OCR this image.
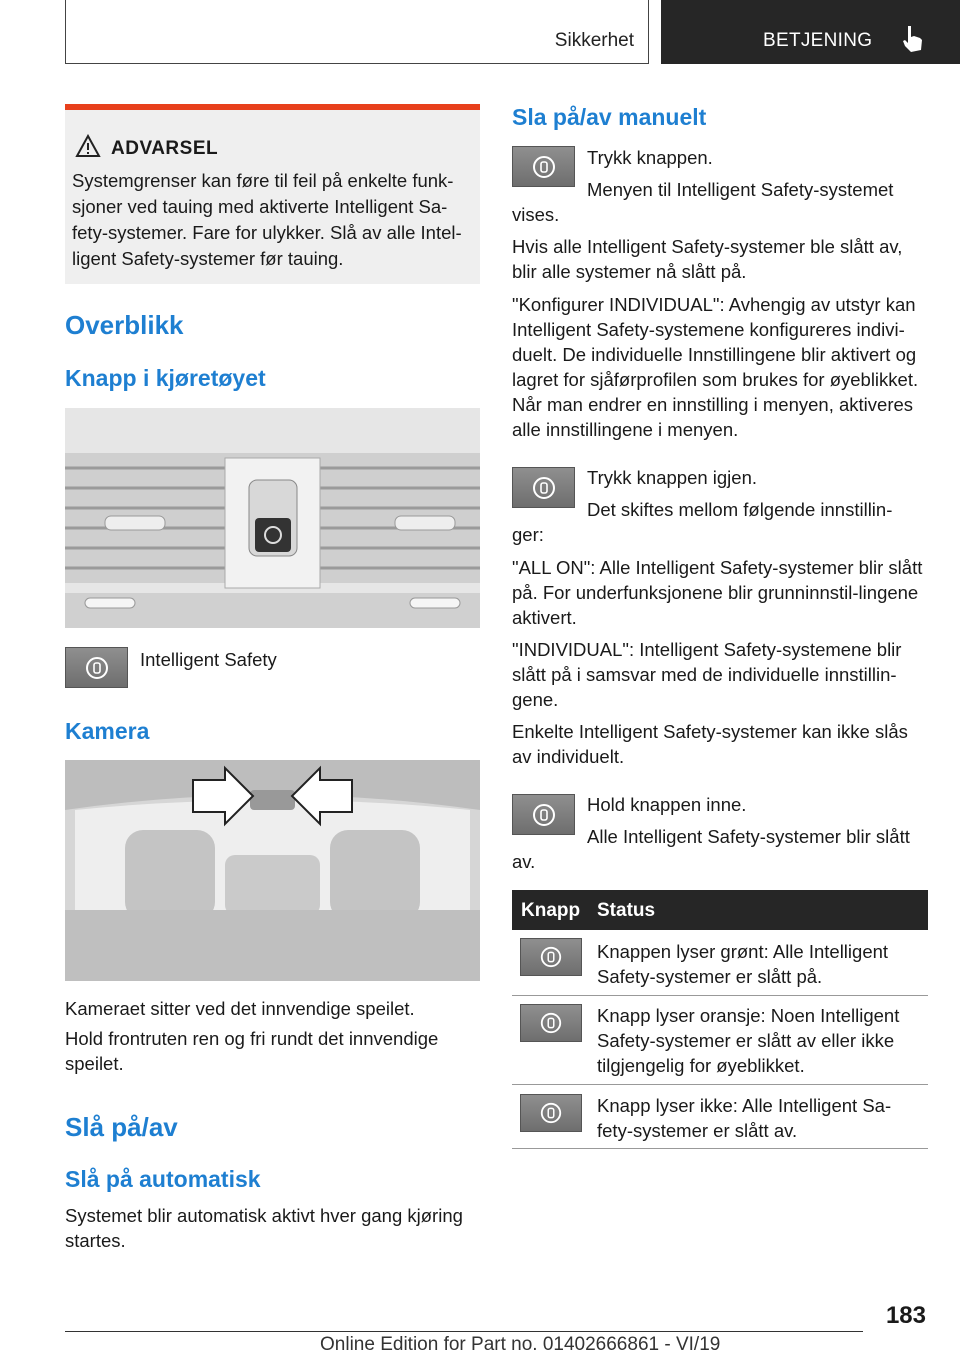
Sikkerhet	BETJENING
ADVARSEL

Systemgrenser kan føre til feil på enkelte funk-sjoner ved tauing med aktiverte Intelligent Sa-fety-systemer. Fare for ulykker. Slå av alle Intel-ligent Safety-systemer før tauing.

Overblikk
Knapp i kjøretøyet
Intelligent Safety
Kamera

Kameraet sitter ved det innvendige speilet.

Hold frontruten ren og fri rundt det innvendige speilet.

Slå på/av
Slå på automatisk

Systemet blir automatisk aktivt hver gang kjøring startes.

Sla på/av manuelt

Trykk knappen.

Menyen til Intelligent Safety-systemet vises.

Hvis alle Intelligent Safety-systemer ble slått av, blir alle systemer nå slått på.

"Konfigurer INDIVIDUAL": Avhengig av utstyr kan Intelligent Safety-systemene konfigureres indivi-duelt. De individuelle Innstillingene blir aktivert og lagret for sjåførprofilen som brukes for øyeblikket. Når man endrer en innstilling i menyen, aktiveres alle innstillingene i menyen.

Trykk knappen igjen.

Det skiftes mellom følgende innstillin-ger:

"ALL ON": Alle Intelligent Safety-systemer blir slått på. For underfunksjonene blir grunninnstil-lingene aktivert.

"INDIVIDUAL": Intelligent Safety-systemene blir slått på i samsvar med de individuelle innstillin-gene.

Enkelte Intelligent Safety-systemer kan ikke slås av individuelt.

Hold knappen inne.

Alle Intelligent Safety-systemer blir slått av.

Knapp Status

Knappen lyser grønt: Alle Intelligent Safety-systemer er slått på.

Knapp lyser oransje: Noen Intelligent Safety-systemer er slått av eller ikke tilgjengelig for øyeblikket.

Knapp lyser ikke: Alle Intelligent Sa-fety-systemer er slått av.

183
Online Edition for Part no. 01402666861 - VI/19
